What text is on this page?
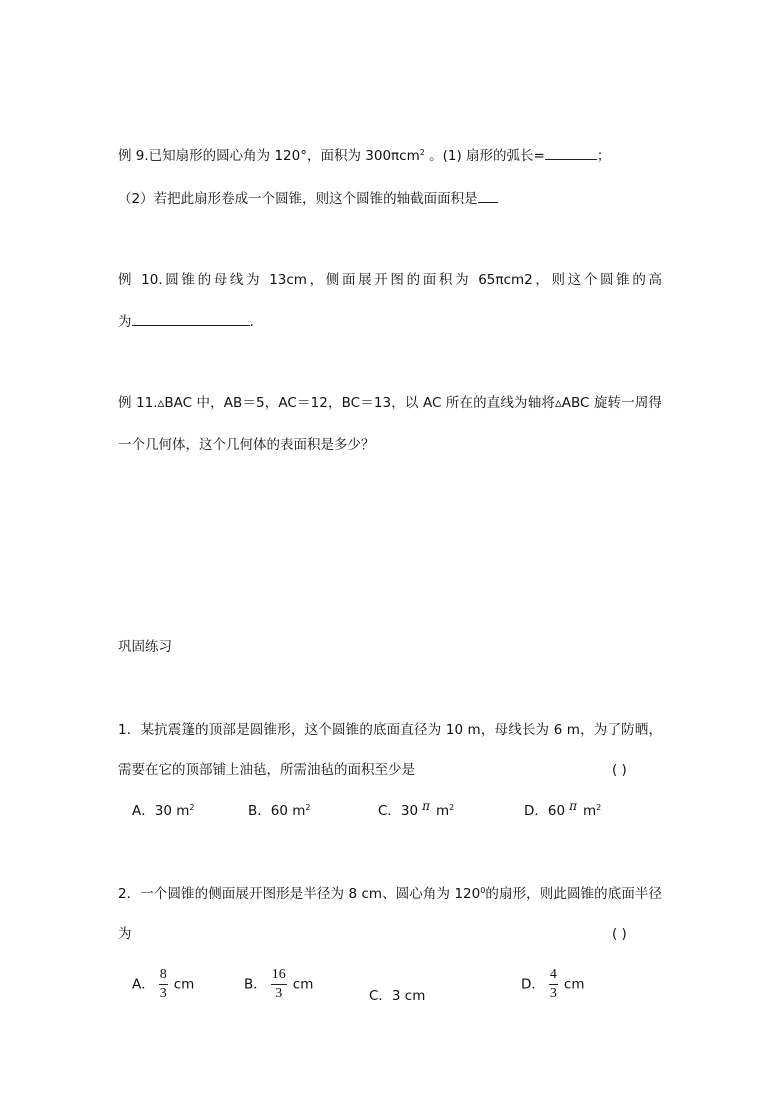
例 9.已知扇形的圆心角为 120°，面积为 300πcm$^2$ 。(1) 扇形的弧长=	；
（2）若把此扇形卷成一个圆锥，则这个圆锥的轴截面面积是
例 10.圆锥的母线为 13cm，侧面展开图的面积为 65πcm2，则这个圆锥的高
为	.
例 11.▵BAC 中，AB＝5，AC＝12，BC＝13，以 AC 所在的直线为轴将▵ABC 旋转一周得
一个几何体，这个几何体的表面积是多少？
巩固练习
1．某抗震篷的顶部是圆锥形，这个圆锥的底面直径为 10 m，母线长为 6 m，为了防晒，
需要在它的顶部铺上油毡，所需油毡的面积至少是	( )
A．30 $m^2$	B．60 $m^2$	C．30 π $m^2$	D．60 π $m^2$
2．一个圆锥的侧面展开图形是半径为 8 cm、圆心角为 $120^0$的扇形，则此圆锥的底面半径
为	( )
A． $\frac{8}{3}$ cm	B． $\frac{16}{3}$ cm
C．3 cm
D． $\frac{4}{3}$ cm
